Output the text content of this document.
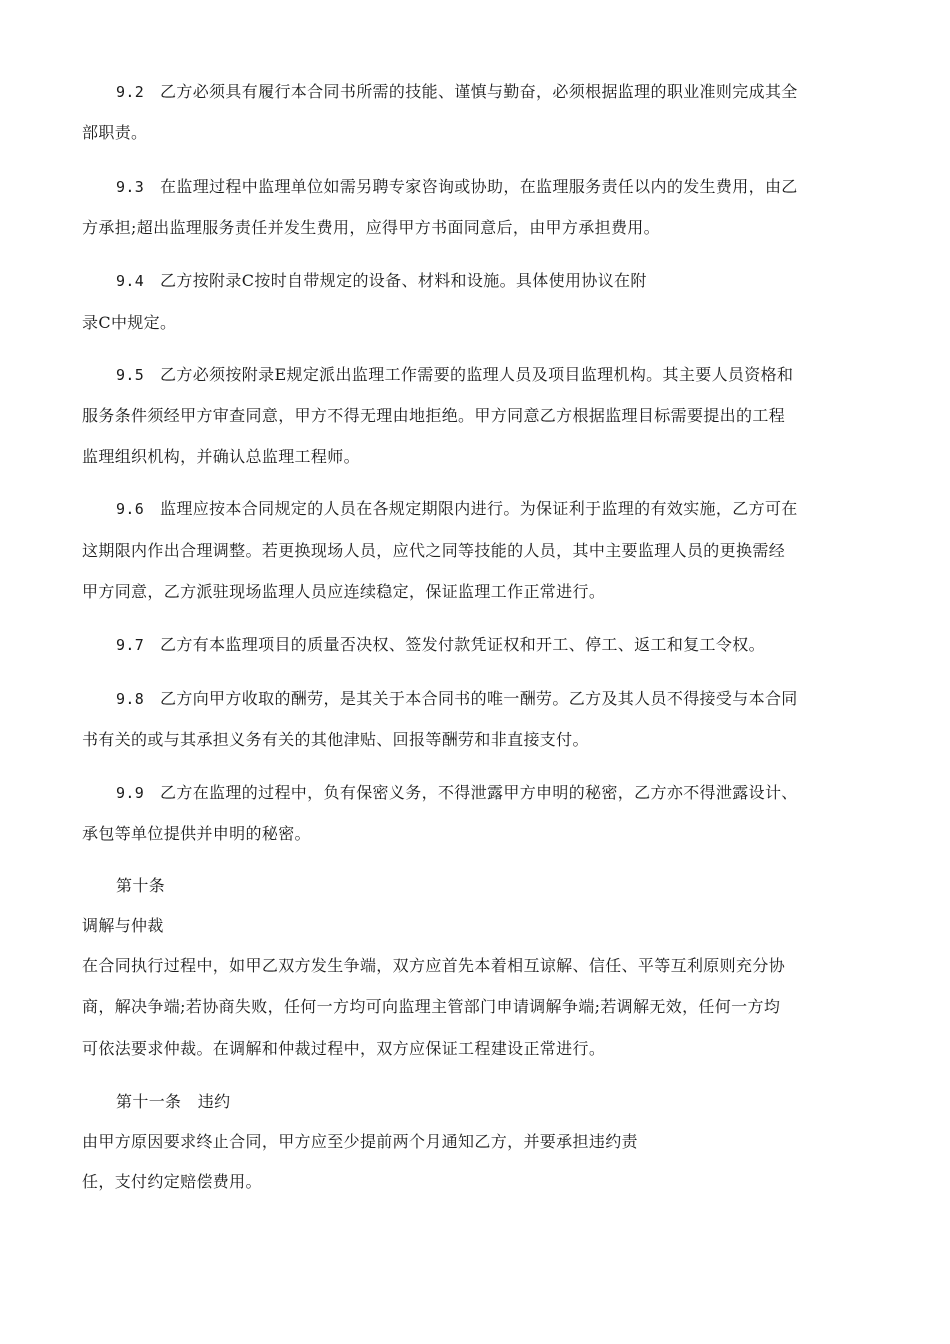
9.2 乙方必须具有履行本合同书所需的技能、谨慎与勤奋，必须根据监理的职业准则完成其全
部职责。
9.3 在监理过程中监理单位如需另聘专家咨询或协助，在监理服务责任以内的发生费用，由乙
方承担;超出监理服务责任并发生费用，应得甲方书面同意后，由甲方承担费用。
9.4 乙方按附录C按时自带规定的设备、材料和设施。具体使用协议在附
录C中规定。
9.5 乙方必须按附录E规定派出监理工作需要的监理人员及项目监理机构。其主要人员资格和
服务条件须经甲方审查同意，甲方不得无理由地拒绝。甲方同意乙方根据监理目标需要提出的工程
监理组织机构，并确认总监理工程师。
9.6 监理应按本合同规定的人员在各规定期限内进行。为保证利于监理的有效实施，乙方可在
这期限内作出合理调整。若更换现场人员，应代之同等技能的人员，其中主要监理人员的更换需经
甲方同意，乙方派驻现场监理人员应连续稳定，保证监理工作正常进行。
9.7 乙方有本监理项目的质量否决权、签发付款凭证权和开工、停工、返工和复工令权。
9.8 乙方向甲方收取的酬劳，是其关于本合同书的唯一酬劳。乙方及其人员不得接受与本合同
书有关的或与其承担义务有关的其他津贴、回报等酬劳和非直接支付。
9.9 乙方在监理的过程中，负有保密义务，不得泄露甲方申明的秘密，乙方亦不得泄露设计、
承包等单位提供并申明的秘密。
第十条
调解与仲裁
在合同执行过程中，如甲乙双方发生争端，双方应首先本着相互谅解、信任、平等互利原则充分协
商，解决争端;若协商失败，任何一方均可向监理主管部门申请调解争端;若调解无效，任何一方均
可依法要求仲裁。在调解和仲裁过程中，双方应保证工程建设正常进行。
第十一条　违约
由甲方原因要求终止合同，甲方应至少提前两个月通知乙方，并要承担违约责
任，支付约定赔偿费用。
